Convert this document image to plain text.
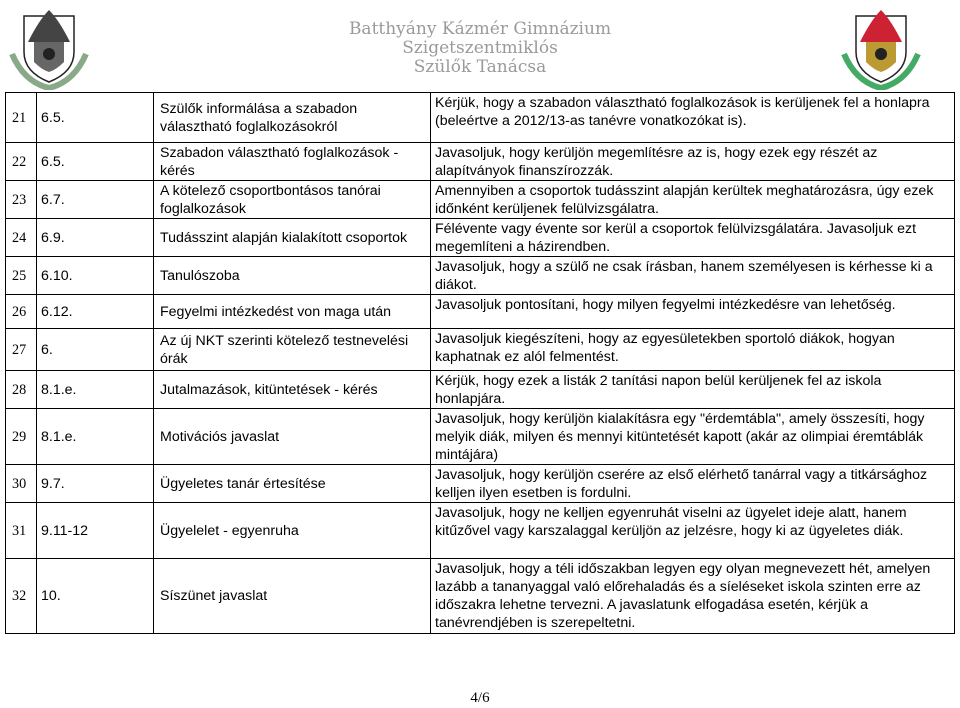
Batthyány Kázmér Gimnázium
Szigetszentmiklós
Szülők Tanácsa
21	6.5.	Szülők informálása a szabadon választható foglalkozásokról	Kérjük, hogy a szabadon választható foglalkozások is kerüljenek fel a honlapra (beleértve a 2012/13-as tanévre vonatkozókat is).
22	6.5.	Szabadon választható foglalkozások - kérés	Javasoljuk, hogy kerüljön megemlítésre az is, hogy ezek egy részét az alapítványok finanszírozzák.
23	6.7.	A kötelező csoportbontásos tanórai foglalkozások	Amennyiben a csoportok tudásszint alapján kerültek meghatározásra, úgy ezek időnként kerüljenek felülvizsgálatra.
24	6.9.	Tudásszint alapján kialakított csoportok	Félévente vagy évente sor kerül a csoportok felülvizsgálatára. Javasoljuk ezt megemlíteni a házirendben.
25	6.10.	Tanulószoba	Javasoljuk, hogy a szülő ne csak írásban, hanem személyesen is kérhesse ki a diákot.
26	6.12.	Fegyelmi intézkedést von maga után	Javasoljuk pontosítani, hogy milyen fegyelmi intézkedésre van lehetőség.
27	6.	Az új NKT szerinti kötelező testnevelési órák	Javasoljuk kiegészíteni, hogy az egyesületekben sportoló diákok, hogyan kaphatnak ez alól felmentést.
28	8.1.e.	Jutalmazások, kitüntetések - kérés	Kérjük, hogy ezek a listák 2 tanítási napon belül kerüljenek fel az iskola honlapjára.
29	8.1.e.	Motivációs javaslat	Javasoljuk, hogy kerüljön kialakításra egy "érdemtábla", amely összesíti, hogy melyik diák, milyen és mennyi kitüntetését kapott (akár az olimpiai éremtáblák mintájára)
30	9.7.	Ügyeletes tanár értesítése	Javasoljuk, hogy kerüljön cserére az első elérhető tanárral vagy a titkársághoz kelljen ilyen esetben is fordulni.
31	9.11-12	Ügyelelet - egyenruha	Javasoljuk, hogy ne kelljen egyenruhát viselni az ügyelet ideje alatt, hanem kitűzővel vagy karszalaggal kerüljön az jelzésre, hogy ki az ügyeletes diák.
32	10.	Síszünet javaslat	Javasoljuk, hogy a téli időszakban legyen egy olyan megnevezett hét, amelyen lazább a tananyaggal való előrehaladás és a síeléseket iskola szinten erre az időszakra lehetne tervezni. A javaslatunk elfogadása esetén, kérjük a tanévrendjében is szerepeltetni.
4/6
